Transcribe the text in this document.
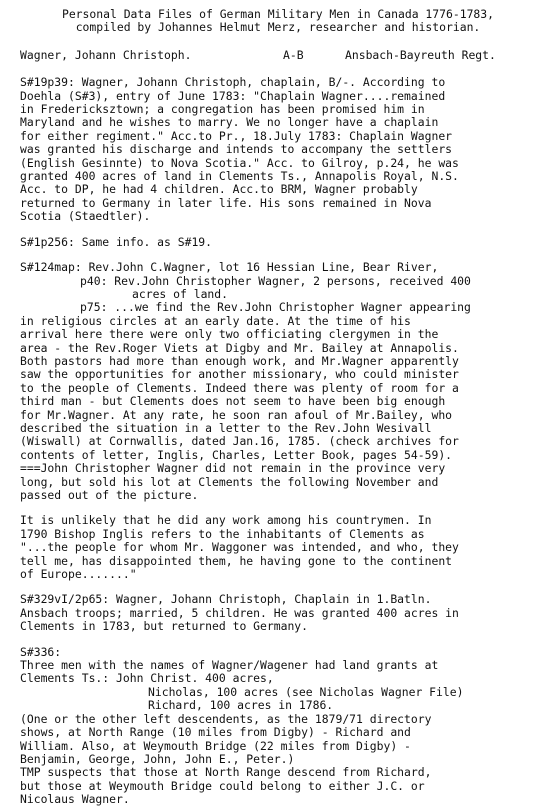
Personal Data Files of German Military Men in Canada 1776-1783,
compiled by Johannes Helmut Merz, researcher and historian.
Wagner, Johann Christoph.	A-B	Ansbach-Bayreuth Regt.
S#19p39: Wagner, Johann Christoph, chaplain, B/-. According to
Doehla (S#3), entry of June 1783: "Chaplain Wagner....remained
in Fredericksztown; a congregation has been promised him in
Maryland and he wishes to marry. We no longer have a chaplain
for either regiment." Acc.to Pr., 18.July 1783: Chaplain Wagner
was granted his discharge and intends to accompany the settlers
(English Gesinnte) to Nova Scotia." Acc. to Gilroy, p.24, he was
granted 400 acres of land in Clements Ts., Annapolis Royal, N.S.
Acc. to DP, he had 4 children. Acc.to BRM, Wagner probably
returned to Germany in later life. His sons remained in Nova
Scotia (Staedtler).
S#1p256: Same info. as S#19.
S#124map: Rev.John C.Wagner, lot 16 Hessian Line, Bear River,
p40: Rev.John Christopher Wagner, 2 persons, received 400
acres of land.
p75: ...we find the Rev.John Christopher Wagner appearing
in religious circles at an early date. At the time of his
arrival here there were only two officiating clergymen in the
area - the Rev.Roger Viets at Digby and Mr. Bailey at Annapolis.
Both pastors had more than enough work, and Mr.Wagner apparently
saw the opportunities for another missionary, who could minister
to the people of Clements. Indeed there was plenty of room for a
third man - but Clements does not seem to have been big enough
for Mr.Wagner. At any rate, he soon ran afoul of Mr.Bailey, who
described the situation in a letter to the Rev.John Wesivall
(Wiswall) at Cornwallis, dated Jan.16, 1785. (check archives for
contents of letter, Inglis, Charles, Letter Book, pages 54-59).
===John Christopher Wagner did not remain in the province very
long, but sold his lot at Clements the following November and
passed out of the picture.
It is unlikely that he did any work among his countrymen. In
1790 Bishop Inglis refers to the inhabitants of Clements as
"...the people for whom Mr. Waggoner was intended, and who, they
tell me, has disappointed them, he having gone to the continent
of Europe......."
S#329vI/2p65: Wagner, Johann Christoph, Chaplain in 1.Batln.
Ansbach troops; married, 5 children. He was granted 400 acres in
Clements in 1783, but returned to Germany.
S#336:
Three men with the names of Wagner/Wagener had land grants at
Clements Ts.: John Christ. 400 acres,
Nicholas, 100 acres (see Nicholas Wagner File)
Richard, 100 acres in 1786.
(One or the other left descendents, as the 1879/71 directory
shows, at North Range (10 miles from Digby) - Richard and
William. Also, at Weymouth Bridge (22 miles from Digby) -
Benjamin, George, John, John E., Peter.)
TMP suspects that those at North Range descend from Richard,
but those at Weymouth Bridge could belong to either J.C. or
Nicolaus Wagner.
